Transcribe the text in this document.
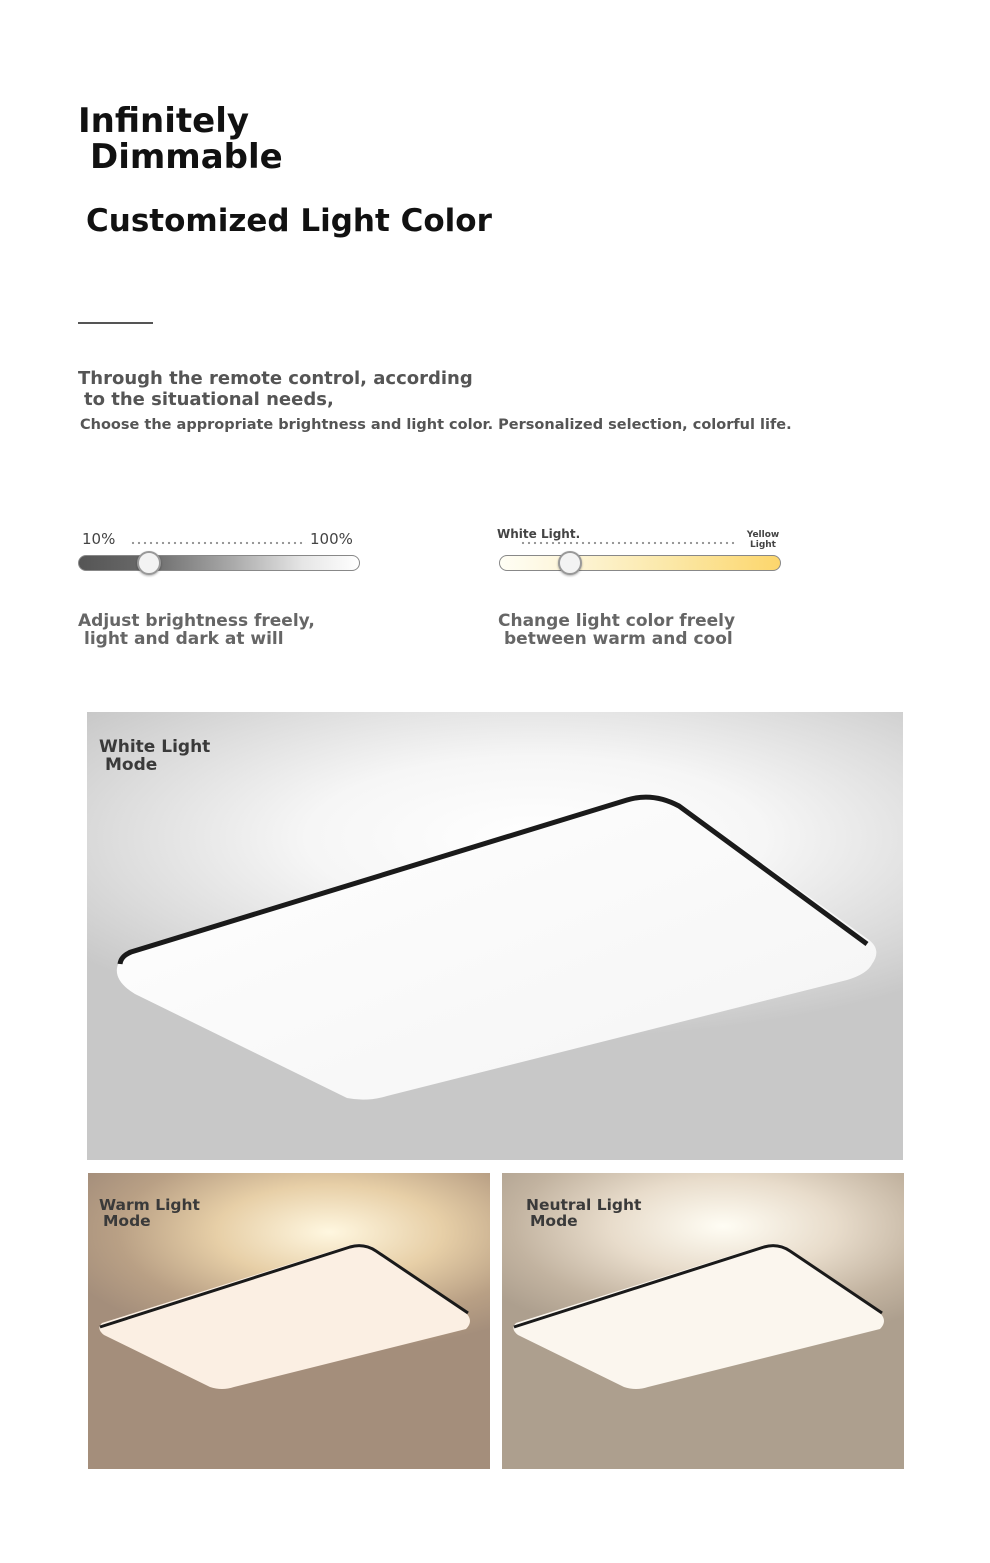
Infinitely
Dimmable
Customized Light Color
Through the remote control, according
to the situational needs,
Choose the appropriate brightness and light color. Personalized selection, colorful life.
10%	100%
Adjust brightness freely,
light and dark at will
White Light.	Yellow
Light
Change light color freely
between warm and cool
White Light
Mode
Warm Light
Mode
Neutral Light
Mode
